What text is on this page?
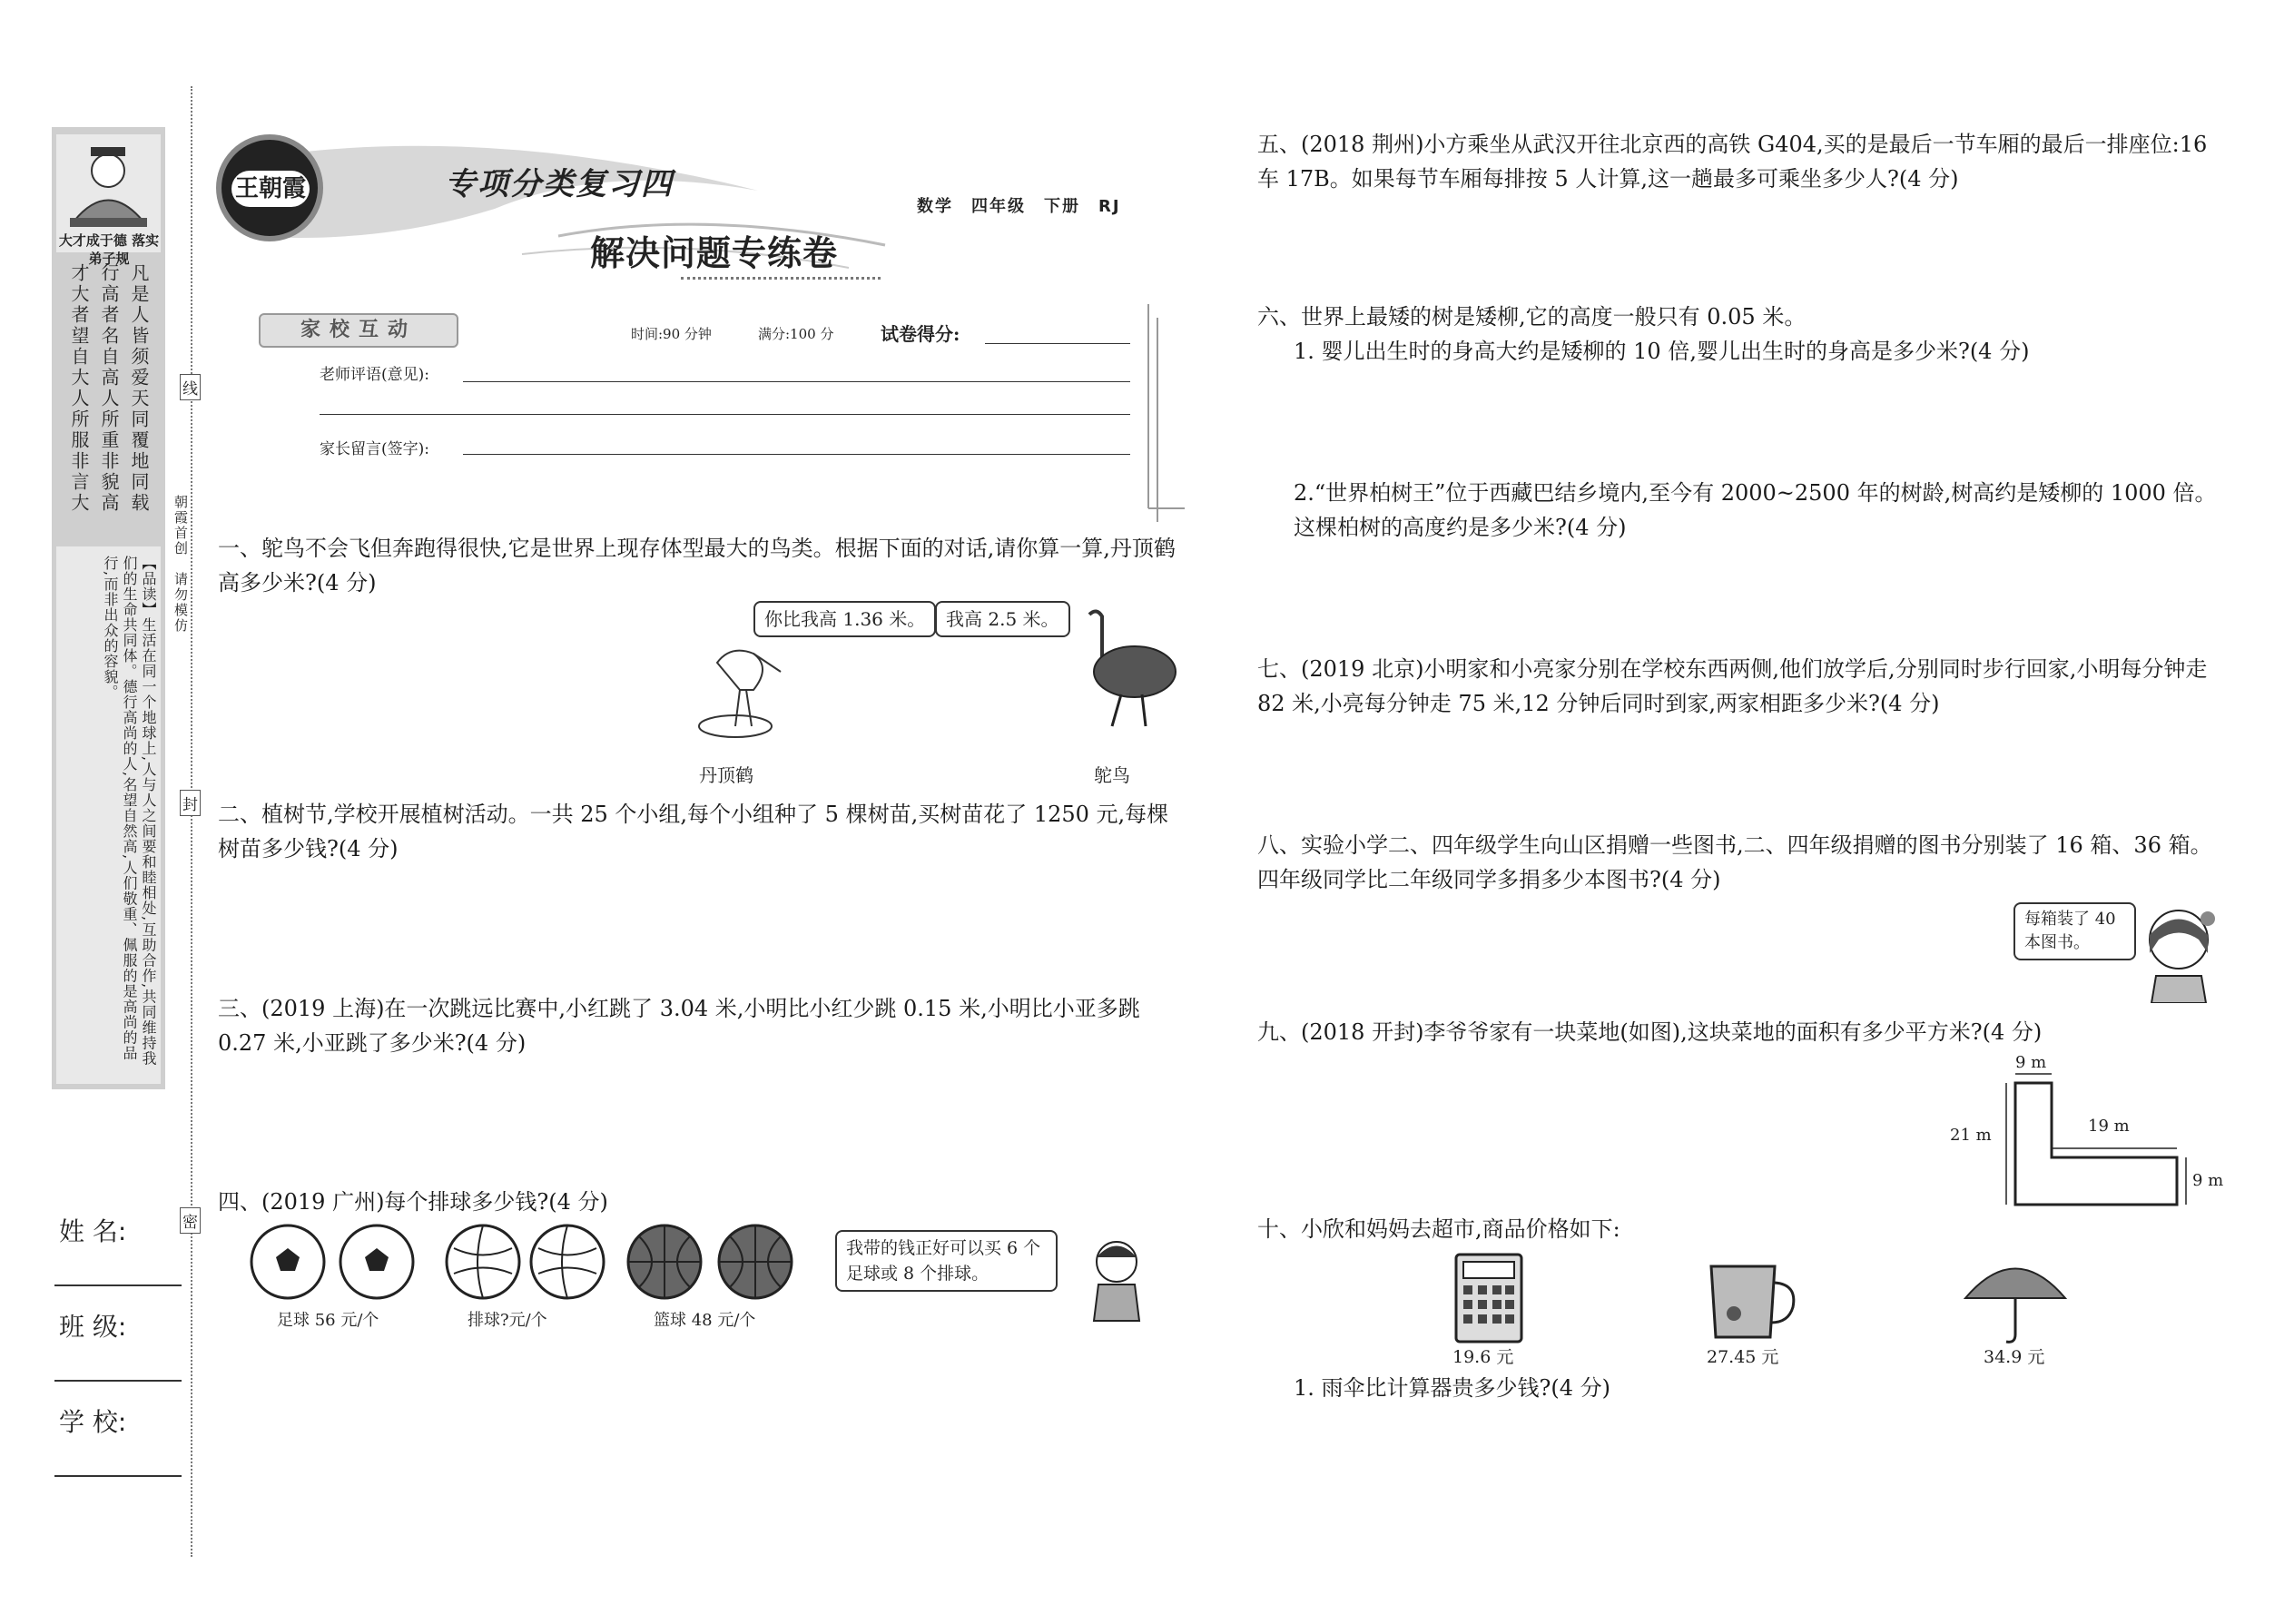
大才成于德 落实弟子规
凡是人皆须爱天同覆地同载
行高者名自高人所重非貌高
才大者望自大人所服非言大
【品读】生活在同一个地球上,人与人之间要和睦相处,互助合作,共同维持我们的生命共同体。德行高尚的人,名望自然高,人们敬重、佩服的是高尚的品行,而非出众的容貌。	朝霞首创　请勿模仿
线
封
密
姓 名:
班 级:
学 校:
王朝霞	专项分类复习四
数学　四年级　下册　RJ
解决问题专练卷
家校互动	时间:90 分钟	满分:100 分	试卷得分:
老师评语(意见):
家长留言(签字):
一、鸵鸟不会飞但奔跑得很快,它是世界上现存体型最大的鸟类。根据下面的对话,请你算一算,丹顶鹤高多少米?(4 分)
你比我高 1.36 米。	我高 2.5 米。
丹顶鹤	鸵鸟
二、植树节,学校开展植树活动。一共 25 个小组,每个小组种了 5 棵树苗,买树苗花了 1250 元,每棵树苗多少钱?(4 分)
三、(2019 上海)在一次跳远比赛中,小红跳了 3.04 米,小明比小红少跳 0.15 米,小明比小亚多跳 0.27 米,小亚跳了多少米?(4 分)
四、(2019 广州)每个排球多少钱?(4 分)
足球 56 元/个	排球?元/个	篮球 48 元/个
我带的钱正好可以买 6 个足球或 8 个排球。
五、(2018 荆州)小方乘坐从武汉开往北京西的高铁 G404,买的是最后一节车厢的最后一排座位:16 车 17B。如果每节车厢每排按 5 人计算,这一趟最多可乘坐多少人?(4 分)
六、世界上最矮的树是矮柳,它的高度一般只有 0.05 米。
1. 婴儿出生时的身高大约是矮柳的 10 倍,婴儿出生时的身高是多少米?(4 分)
2.“世界柏树王”位于西藏巴结乡境内,至今有 2000~2500 年的树龄,树高约是矮柳的 1000 倍。这棵柏树的高度约是多少米?(4 分)
七、(2019 北京)小明家和小亮家分别在学校东西两侧,他们放学后,分别同时步行回家,小明每分钟走 82 米,小亮每分钟走 75 米,12 分钟后同时到家,两家相距多少米?(4 分)
八、实验小学二、四年级学生向山区捐赠一些图书,二、四年级捐赠的图书分别装了 16 箱、36 箱。四年级同学比二年级同学多捐多少本图书?(4 分)
每箱装了 40 本图书。
九、(2018 开封)李爷爷家有一块菜地(如图),这块菜地的面积有多少平方米?(4 分)
9 m
21 m	19 m
9 m
十、小欣和妈妈去超市,商品价格如下:
19.6 元	27.45 元	34.9 元
1. 雨伞比计算器贵多少钱?(4 分)
